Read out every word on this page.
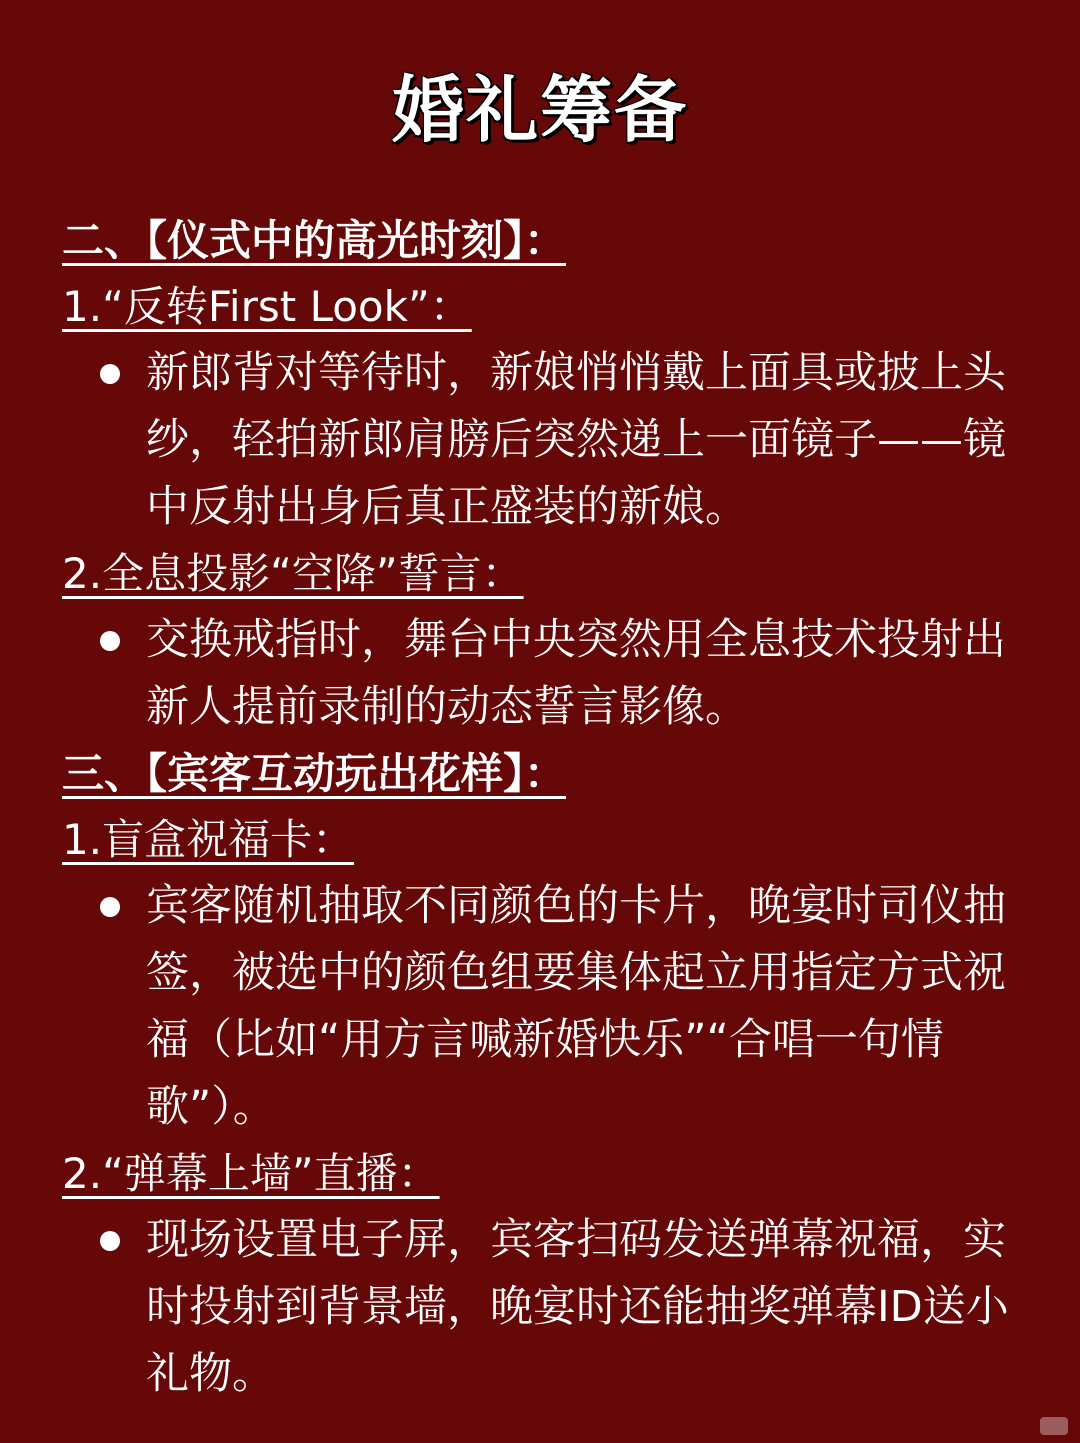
婚礼筹备
二、【仪式中的高光时刻】：
1.“反转First Look”：
新郎背对等待时，新娘悄悄戴上面具或披上头纱，轻拍新郎肩膀后突然递上一面镜子——镜中反射出身后真正盛装的新娘。
2.全息投影“空降”誓言：
交换戒指时，舞台中央突然用全息技术投射出新人提前录制的动态誓言影像。
三、【宾客互动玩出花样】：
1.盲盒祝福卡：
宾客随机抽取不同颜色的卡片，晚宴时司仪抽签，被选中的颜色组要集体起立用指定方式祝福（比如“用方言喊新婚快乐”“合唱一句情歌”）。
2.“弹幕上墙”直播：
现场设置电子屏，宾客扫码发送弹幕祝福，实时投射到背景墙，晚宴时还能抽奖弹幕ID送小礼物。
